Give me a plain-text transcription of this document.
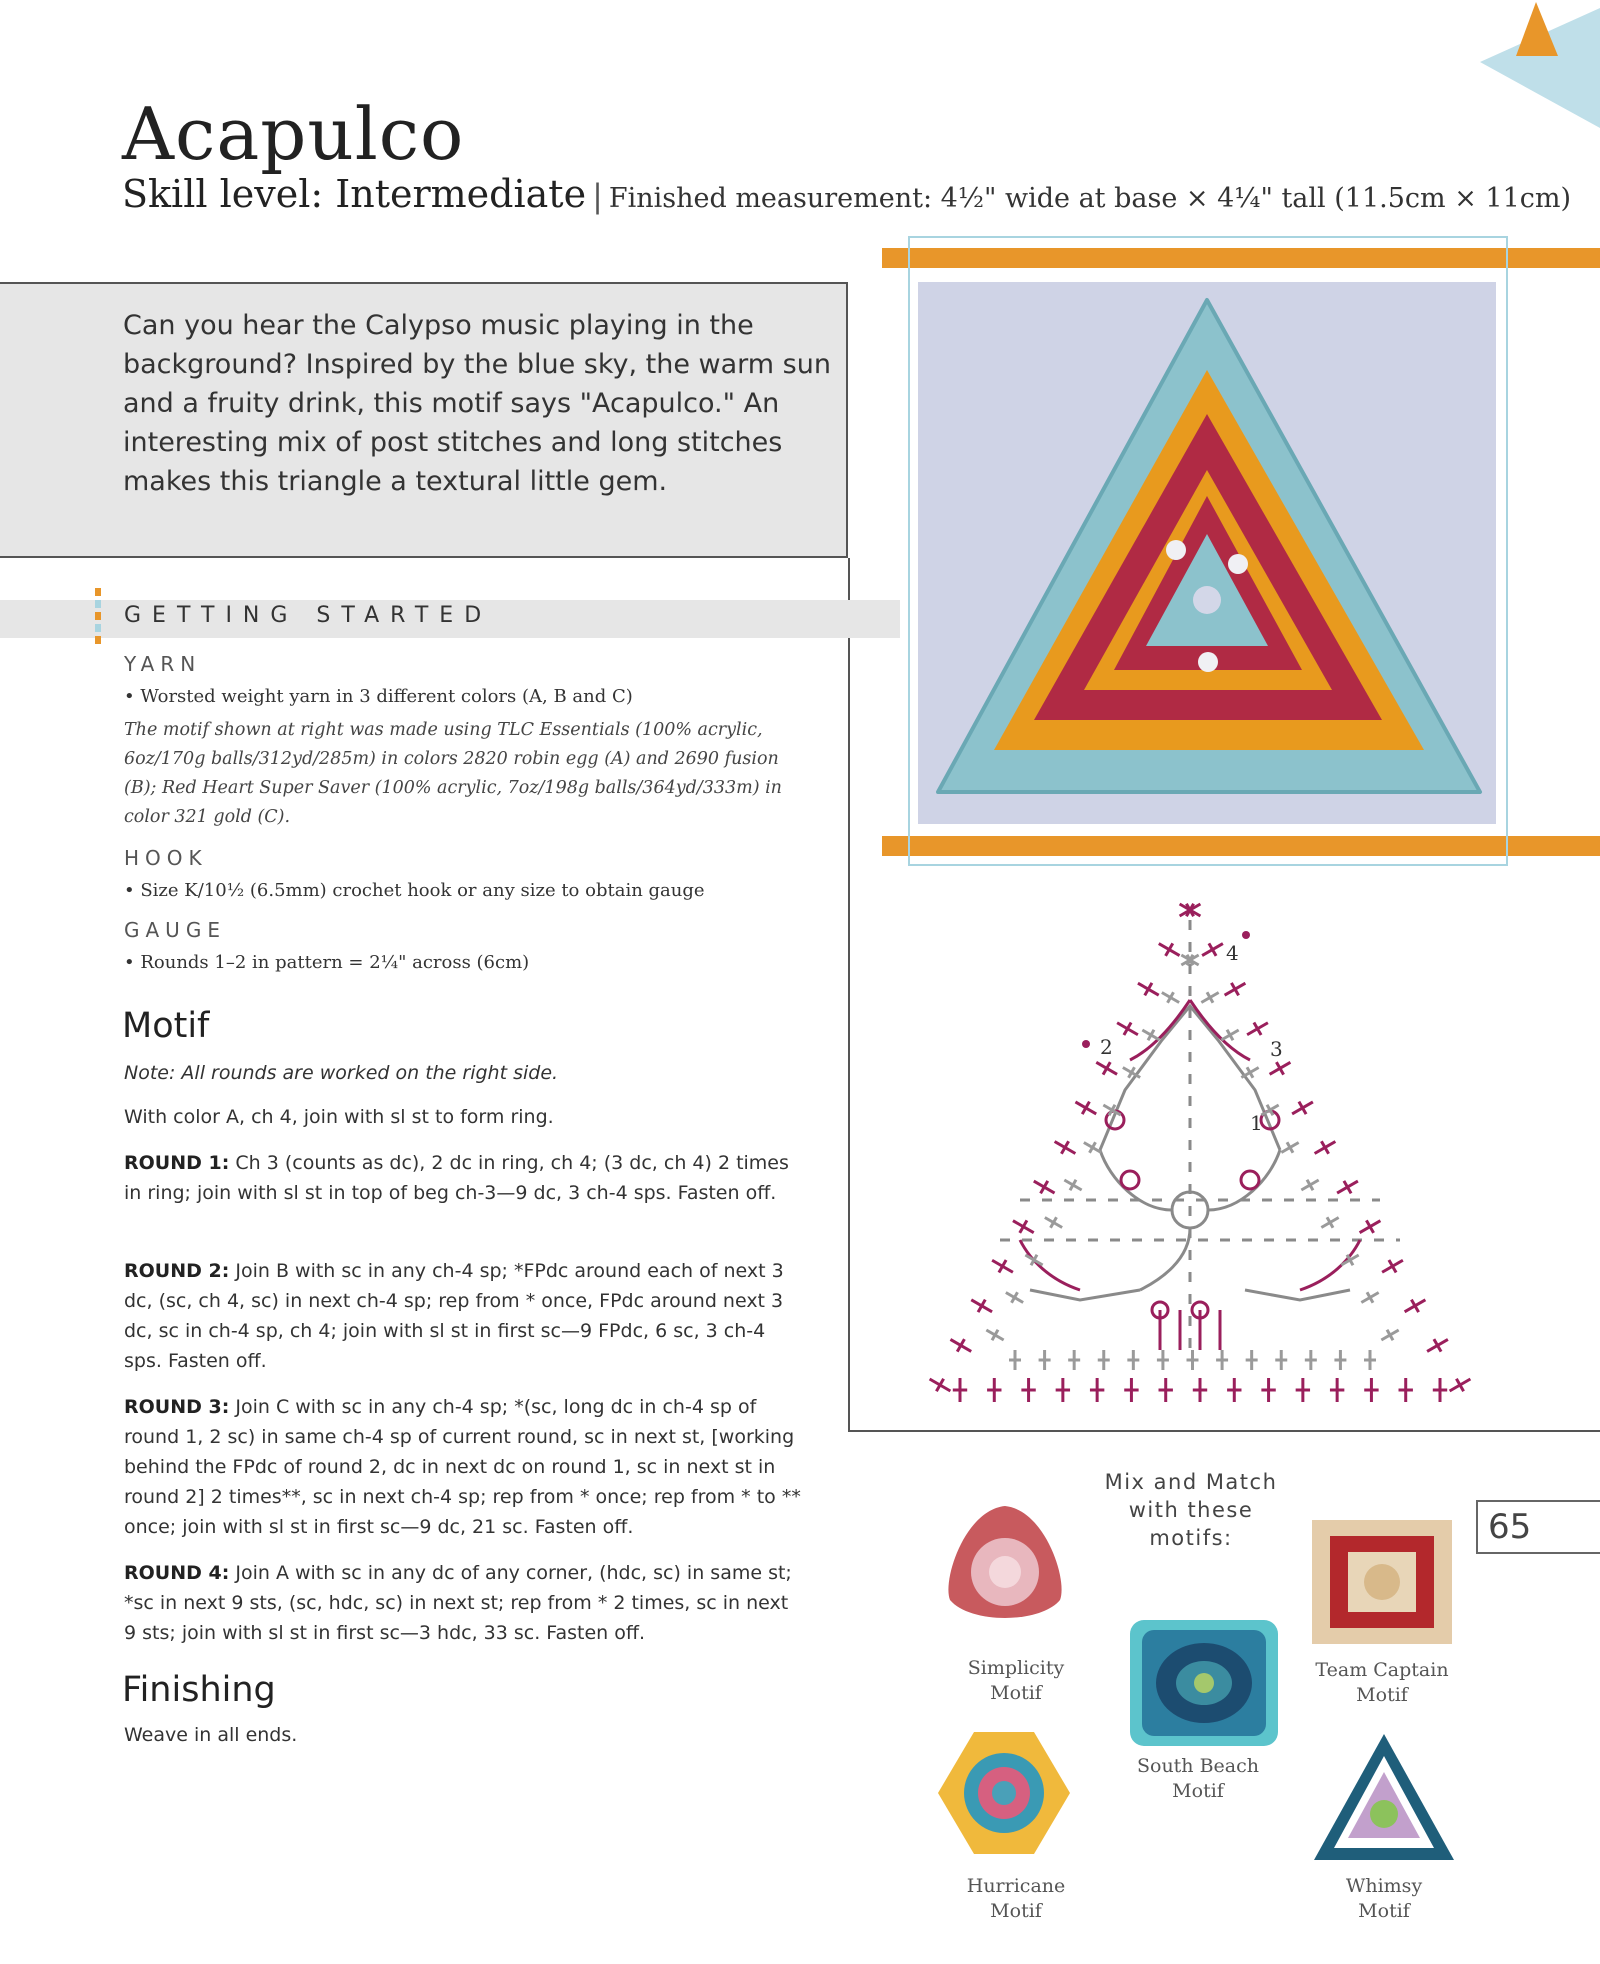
Acapulco
Skill level: Intermediate | Finished measurement: 4½" wide at base × 4¼" tall (11.5cm × 11cm)
Can you hear the Calypso music playing in the background? Inspired by the blue sky, the warm sun and a fruity drink, this motif says "Acapulco." An interesting mix of post stitches and long stitches makes this triangle a textural little gem.
GETTING STARTED
YARN
• Worsted weight yarn in 3 different colors (A, B and C)
The motif shown at right was made using TLC Essentials (100% acrylic, 6oz/170g balls/312yd/285m) in colors 2820 robin egg (A) and 2690 fusion (B); Red Heart Super Saver (100% acrylic, 7oz/198g balls/364yd/333m) in color 321 gold (C).
HOOK
• Size K/10½ (6.5mm) crochet hook or any size to obtain gauge
GAUGE
• Rounds 1–2 in pattern = 2¼" across (6cm)
Motif
Note: All rounds are worked on the right side.
With color A, ch 4, join with sl st to form ring.
ROUND 1: Ch 3 (counts as dc), 2 dc in ring, ch 4; (3 dc, ch 4) 2 times in ring; join with sl st in top of beg ch-3—9 dc, 3 ch-4 sps. Fasten off.
ROUND 2: Join B with sc in any ch-4 sp; *FPdc around each of next 3 dc, (sc, ch 4, sc) in next ch-4 sp; rep from * once, FPdc around next 3 dc, sc in ch-4 sp, ch 4; join with sl st in first sc—9 FPdc, 6 sc, 3 ch-4 sps. Fasten off.
ROUND 3: Join C with sc in any ch-4 sp; *(sc, long dc in ch-4 sp of round 1, 2 sc) in same ch-4 sp of current round, sc in next st, [working behind the FPdc of round 2, dc in next dc on round 1, sc in next st in round 2] 2 times**, sc in next ch-4 sp; rep from * once; rep from * to ** once; join with sl st in first sc—9 dc, 21 sc. Fasten off.
ROUND 4: Join A with sc in any dc of any corner, (hdc, sc) in same st; *sc in next 9 sts, (sc, hdc, sc) in next st; rep from * 2 times, sc in next 9 sts; join with sl st in first sc—3 hdc, 33 sc. Fasten off.
Finishing
Weave in all ends.
1
2	3
4
65
Mix and Match
with these
motifs:
Simplicity
Motif
Team Captain
Motif
South Beach
Motif
Hurricane
Motif
Whimsy
Motif
